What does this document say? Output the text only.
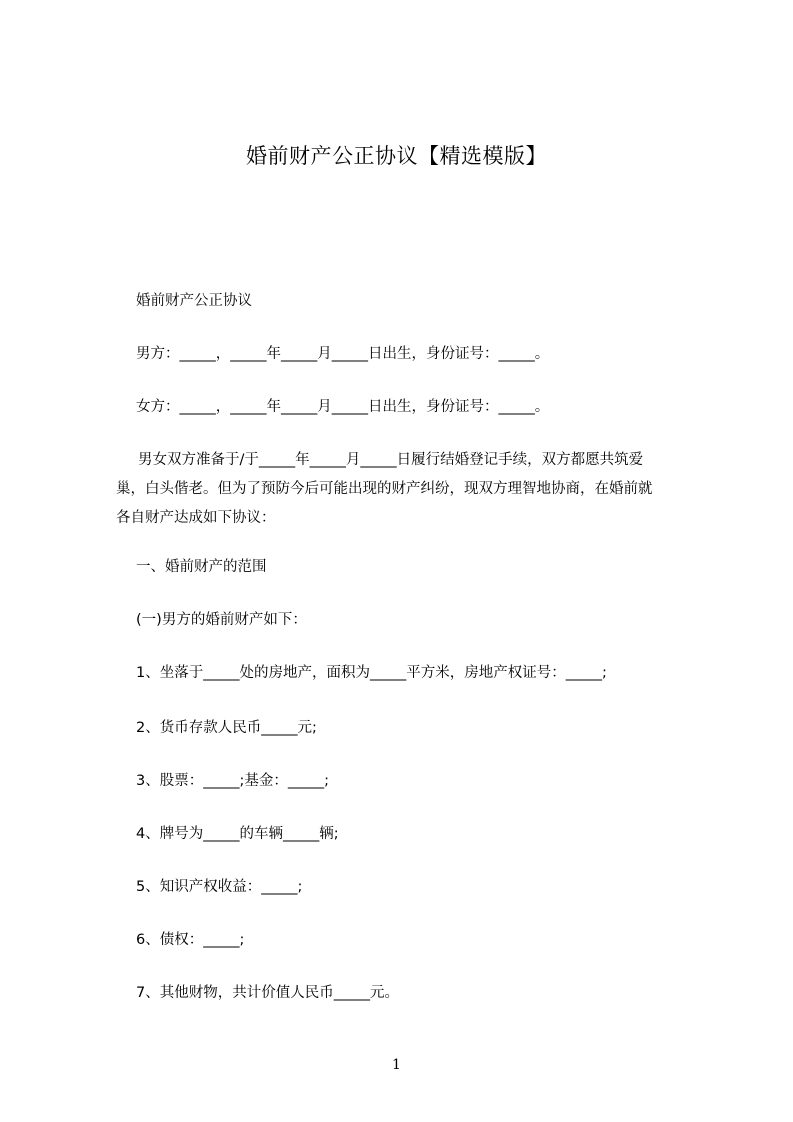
婚前财产公正协议【精选模版】
婚前财产公正协议
男方：_____，_____年_____月_____日出生，身份证号：_____。
女方：_____，_____年_____月_____日出生，身份证号：_____。
男女双方准备于/于_____年_____月_____日履行结婚登记手续，双方都愿共筑爱
巢，白头偕老。但为了预防今后可能出现的财产纠纷，现双方理智地协商，在婚前就
各自财产达成如下协议：
一、婚前财产的范围
(一)男方的婚前财产如下：
1、坐落于_____处的房地产，面积为_____平方米，房地产权证号：_____;
2、货币存款人民币_____元;
3、股票：_____;基金：_____;
4、牌号为_____的车辆_____辆;
5、知识产权收益：_____;
6、债权：_____;
7、其他财物，共计价值人民币_____元。
1
